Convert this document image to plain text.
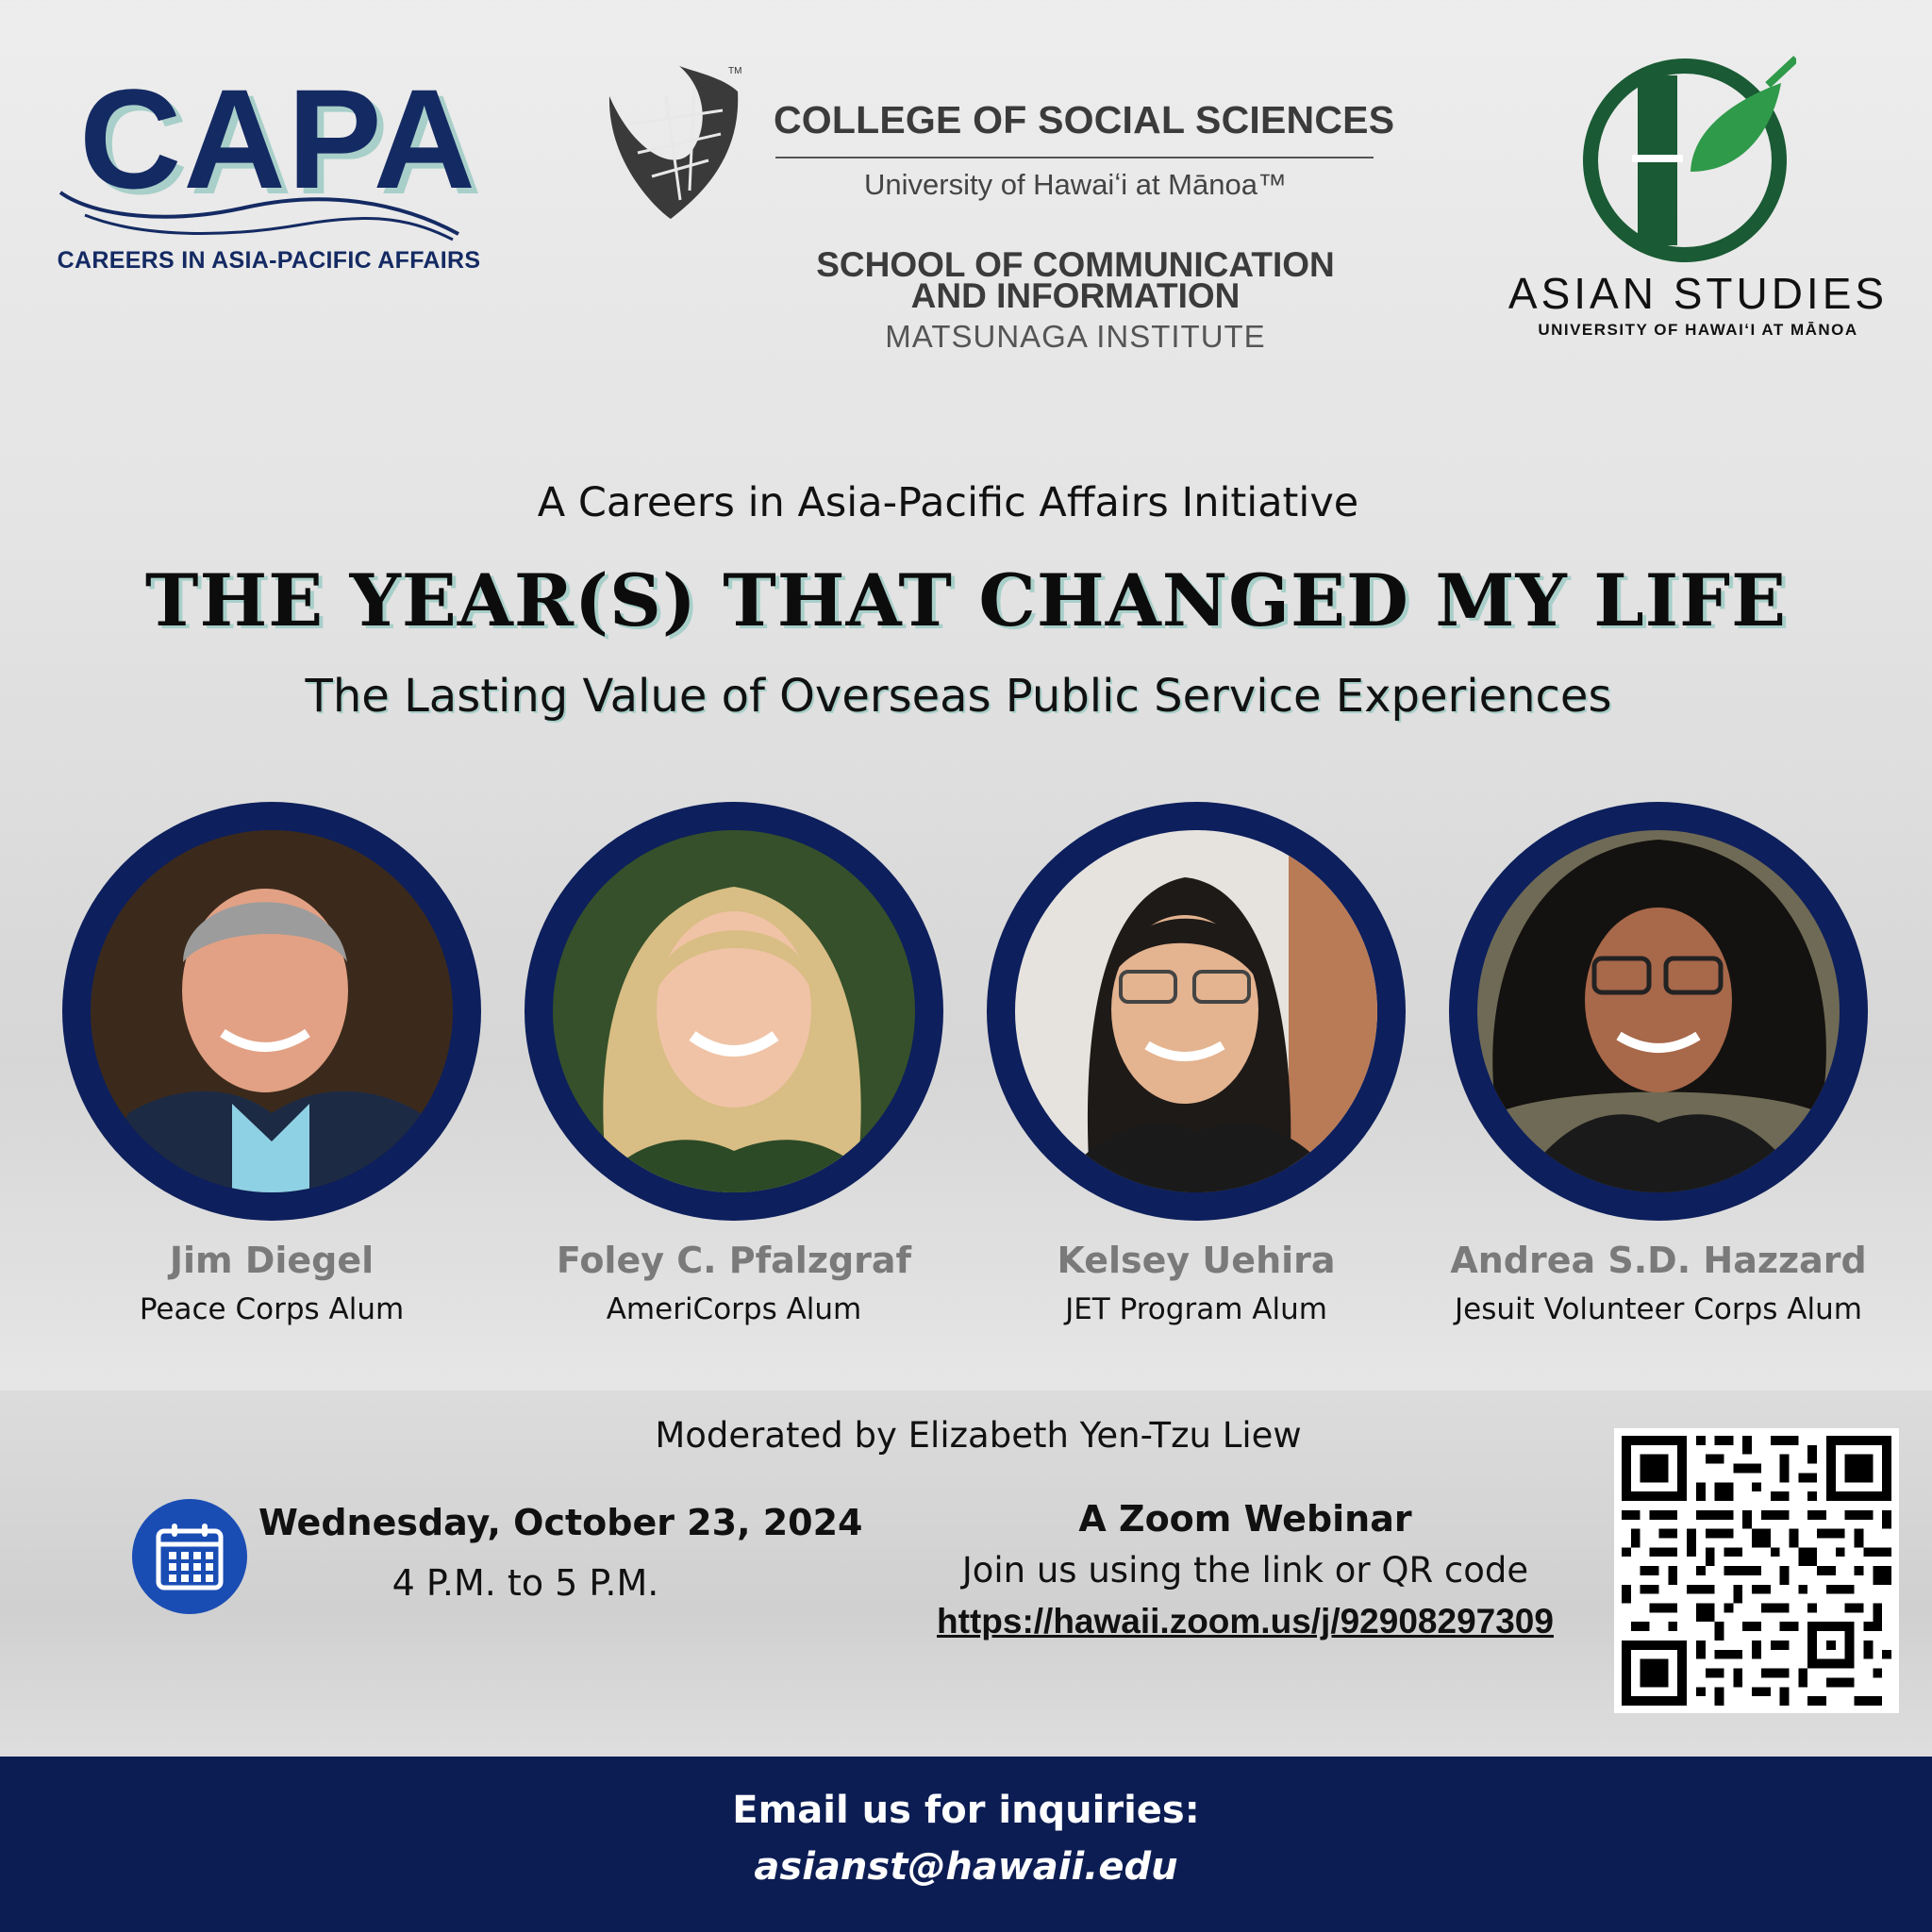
CAPA
CAREERS IN ASIA-PACIFIC AFFAIRS
TM
COLLEGE OF SOCIAL SCIENCES
University of Hawaiʻi at Mānoa™
SCHOOL OF COMMUNICATION
AND INFORMATION
MATSUNAGA INSTITUTE
ASIAN STUDIES
UNIVERSITY OF HAWAIʻI AT MĀNOA
A Careers in Asia-Pacific Affairs Initiative
THE YEAR(S) THAT CHANGED MY LIFE
The Lasting Value of Overseas Public Service Experiences
Jim Diegel
Peace Corps Alum
Foley C. Pfalzgraf
AmeriCorps Alum
Kelsey Uehira
JET Program Alum
Andrea S.D. Hazzard
Jesuit Volunteer Corps Alum
Moderated by Elizabeth Yen-Tzu Liew
Wednesday, October 23, 2024
4 P.M. to 5 P.M.
A Zoom Webinar
Join us using the link or QR code
https://hawaii.zoom.us/j/92908297309
Email us for inquiries:
asianst@hawaii.edu
